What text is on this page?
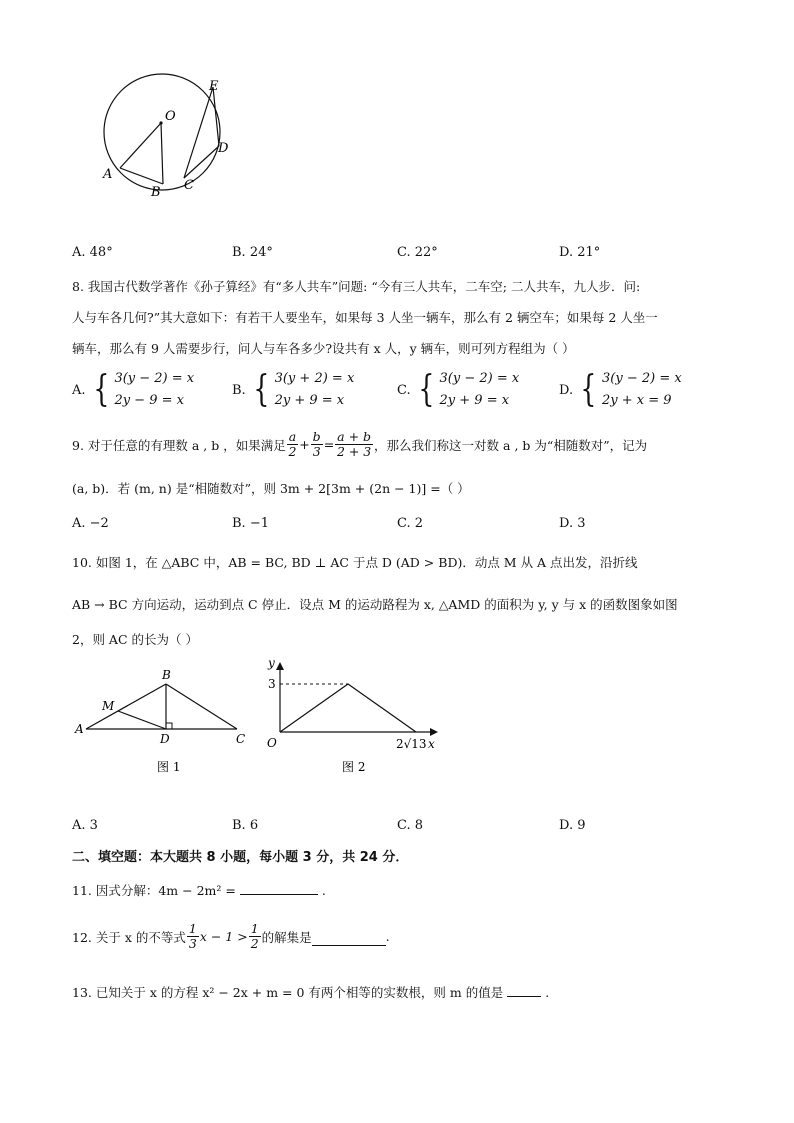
O
E
D
C
B
A
A. 48°	B. 24°	C. 22°	D. 21°
8. 我国古代数学著作《孙子算经》有“多人共车”问题: “今有三人共车，二车空; 二人共车，九人步．问:
人与车各几何?”其大意如下：有若干人要坐车，如果每 3 人坐一辆车，那么有 2 辆空车；如果每 2 人坐一
辆车，那么有 9 人需要步行，问人与车各多少?设共有 x 人，y 辆车，则可列方程组为（ ）
A. { 3(y − 2) = x
2y − 9 = x
B. { 3(y + 2) = x
2y + 9 = x
C. { 3(y − 2) = x
2y + 9 = x
D. { 3(y − 2) = x
2y + x = 9
9. 对于任意的有理数 a , b ，如果满足 $\frac{a}{2} + \frac{b}{3} = \frac{a + b}{2 + 3}$ ，那么我们称这一对数 a , b 为“相随数对”，记为
(a, b)．若 (m, n) 是“相随数对”，则 3m + 2[3m + (2n − 1)] =（ ）
A. −2	B. −1	C. 2	D. 3
10. 如图 1，在 △ABC 中，AB = BC, BD ⊥ AC 于点 D (AD > BD)．动点 M 从 A 点出发，沿折线
AB → BC 方向运动，运动到点 C 停止．设点 M 的运动路程为 x, △AMD 的面积为 y, y 与 x 的函数图象如图
2，则 AC 的长为（ ）
B
M
A
D	C
图 1
y
x
O
3
2√13
图 2
A. 3	B. 6	C. 8	D. 9
二、填空题：本大题共 8 小题，每小题 3 分，共 24 分．
11. 因式分解：4m − 2m² =	.
12. 关于 x 的不等式 $\frac{1}{3}$ $x - 1 > \frac{1}{2}$ 的解集是	.
13. 已知关于 x 的方程 x² − 2x + m = 0 有两个相等的实数根，则 m 的值是	.
